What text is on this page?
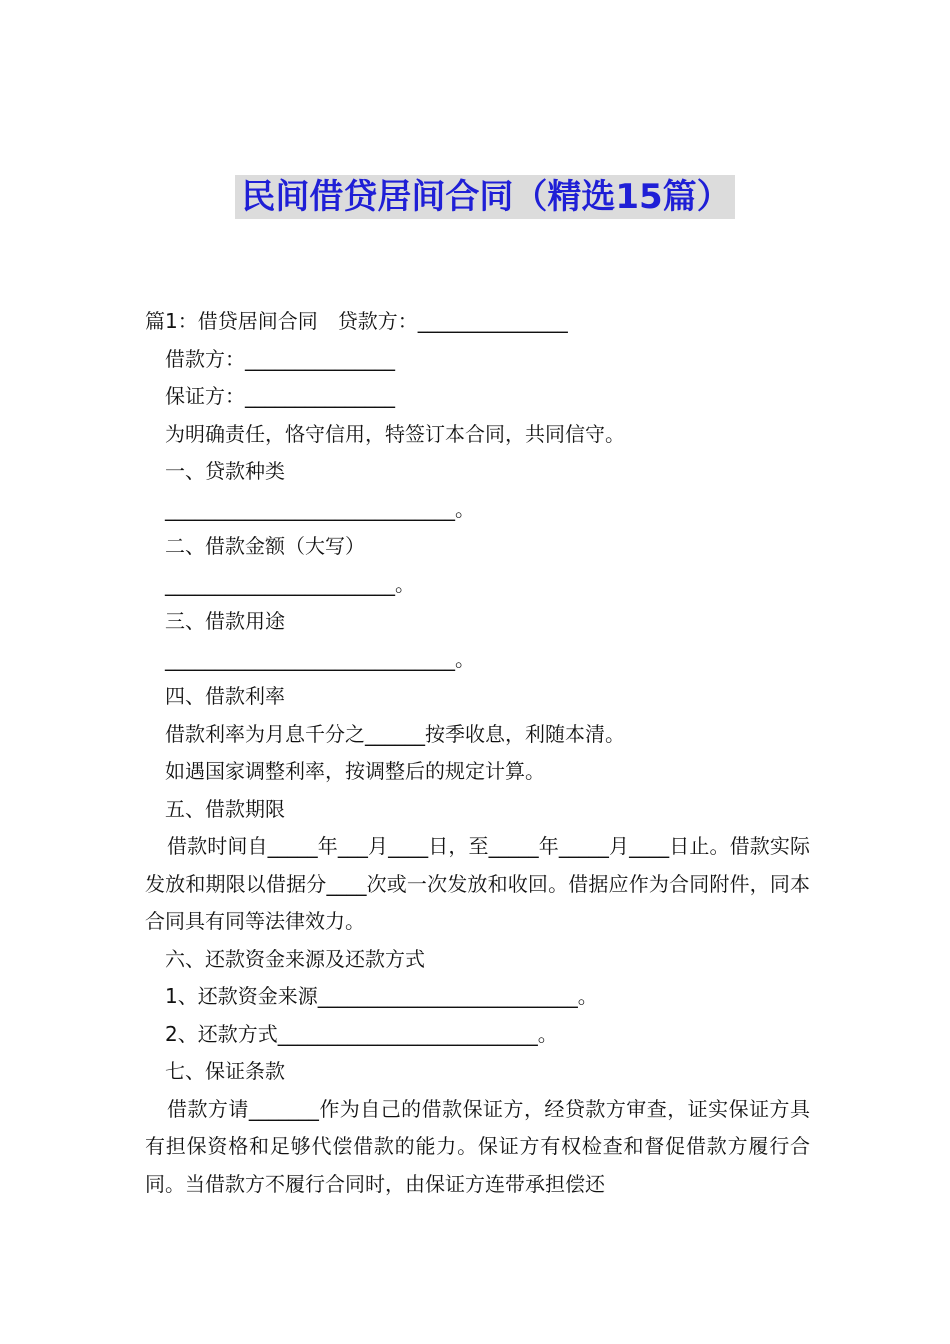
民间借贷居间合同（精选15篇）
篇1：借贷居间合同　贷款方：_______________
借款方：_______________
保证方：_______________
为明确责任，恪守信用，特签订本合同，共同信守。
一、贷款种类
_____________________________。
二、借款金额（大写）
_______________________。
三、借款用途
_____________________________。
四、借款利率
借款利率为月息千分之______按季收息，利随本清。
如遇国家调整利率，按调整后的规定计算。
五、借款期限
借款时间自_____年___月____日，至_____年_____月____日止。借款实际发放和期限以借据分____次或一次发放和收回。借据应作为合同附件，同本合同具有同等法律效力。
六、还款资金来源及还款方式
1、还款资金来源__________________________。
2、还款方式__________________________。
七、保证条款
借款方请_______作为自己的借款保证方，经贷款方审查，证实保证方具有担保资格和足够代偿借款的能力。保证方有权检查和督促借款方履行合同。当借款方不履行合同时，由保证方连带承担偿还
